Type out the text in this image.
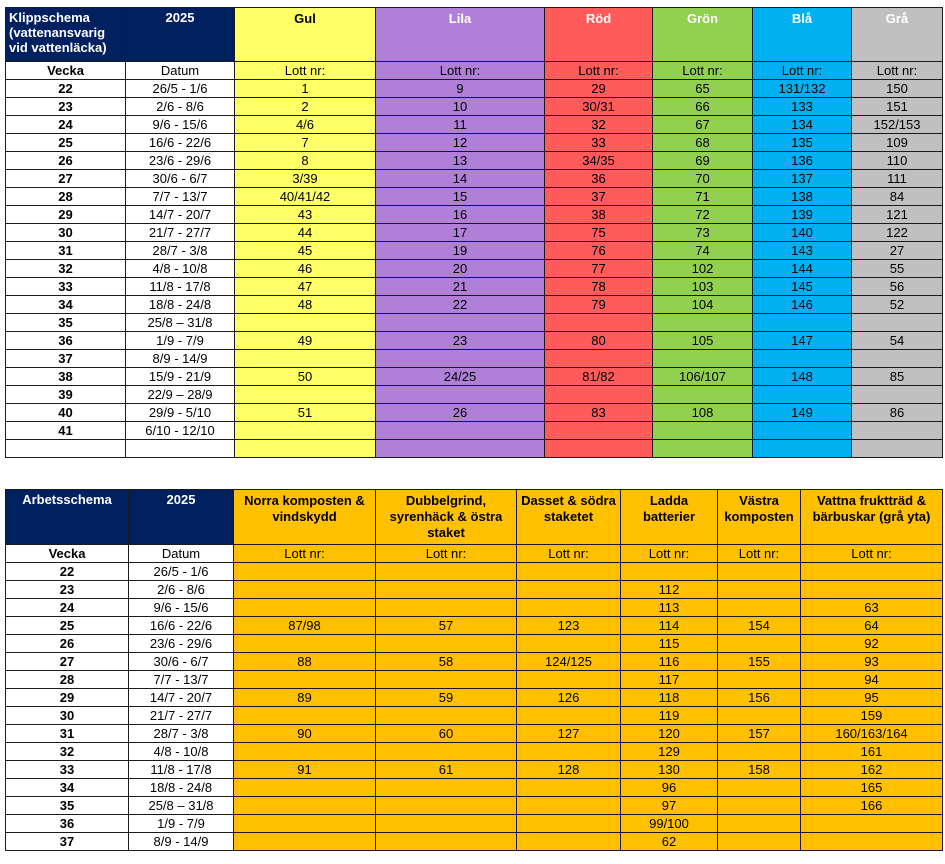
Klippschema (vattenansvarig vid vattenläcka)	2025	Gul	Lila	Röd	Grön	Blå	Grå
Vecka	Datum	Lott nr:	Lott nr:	Lott nr:	Lott nr:	Lott nr:	Lott nr:
22	26/5 - 1/6	1	9	29	65	131/132	150
23	2/6 - 8/6	2	10	30/31	66	133	151
24	9/6 - 15/6	4/6	11	32	67	134	152/153
25	16/6 - 22/6	7	12	33	68	135	109
26	23/6 - 29/6	8	13	34/35	69	136	110
27	30/6 - 6/7	3/39	14	36	70	137	111
28	7/7 - 13/7	40/41/42	15	37	71	138	84
29	14/7 - 20/7	43	16	38	72	139	121
30	21/7 - 27/7	44	17	75	73	140	122
31	28/7 - 3/8	45	19	76	74	143	27
32	4/8 - 10/8	46	20	77	102	144	55
33	11/8 - 17/8	47	21	78	103	145	56
34	18/8 - 24/8	48	22	79	104	146	52
35	25/8 – 31/8						
36	1/9 - 7/9	49	23	80	105	147	54
37	8/9 - 14/9						
38	15/9 - 21/9	50	24/25	81/82	106/107	148	85
39	22/9 – 28/9						
40	29/9 - 5/10	51	26	83	108	149	86
41	6/10 - 12/10						

Arbetsschema	2025	Norra komposten & vindskydd	Dubbelgrind, syrenhäck & östra staket	Dasset & södra staketet	Ladda batterier	Västra komposten	Vattna fruktträd & bärbuskar (grå yta)
Vecka	Datum	Lott nr:	Lott nr:	Lott nr:	Lott nr:	Lott nr:	Lott nr:
22	26/5 - 1/6						
23	2/6 - 8/6				112		
24	9/6 - 15/6				113		63
25	16/6 - 22/6	87/98	57	123	114	154	64
26	23/6 - 29/6				115		92
27	30/6 - 6/7	88	58	124/125	116	155	93
28	7/7 - 13/7				117		94
29	14/7 - 20/7	89	59	126	118	156	95
30	21/7 - 27/7				119		159
31	28/7 - 3/8	90	60	127	120	157	160/163/164
32	4/8 - 10/8				129		161
33	11/8 - 17/8	91	61	128	130	158	162
34	18/8 - 24/8				96		165
35	25/8 – 31/8				97		166
36	1/9 - 7/9				99/100		
37	8/9 - 14/9				62		
